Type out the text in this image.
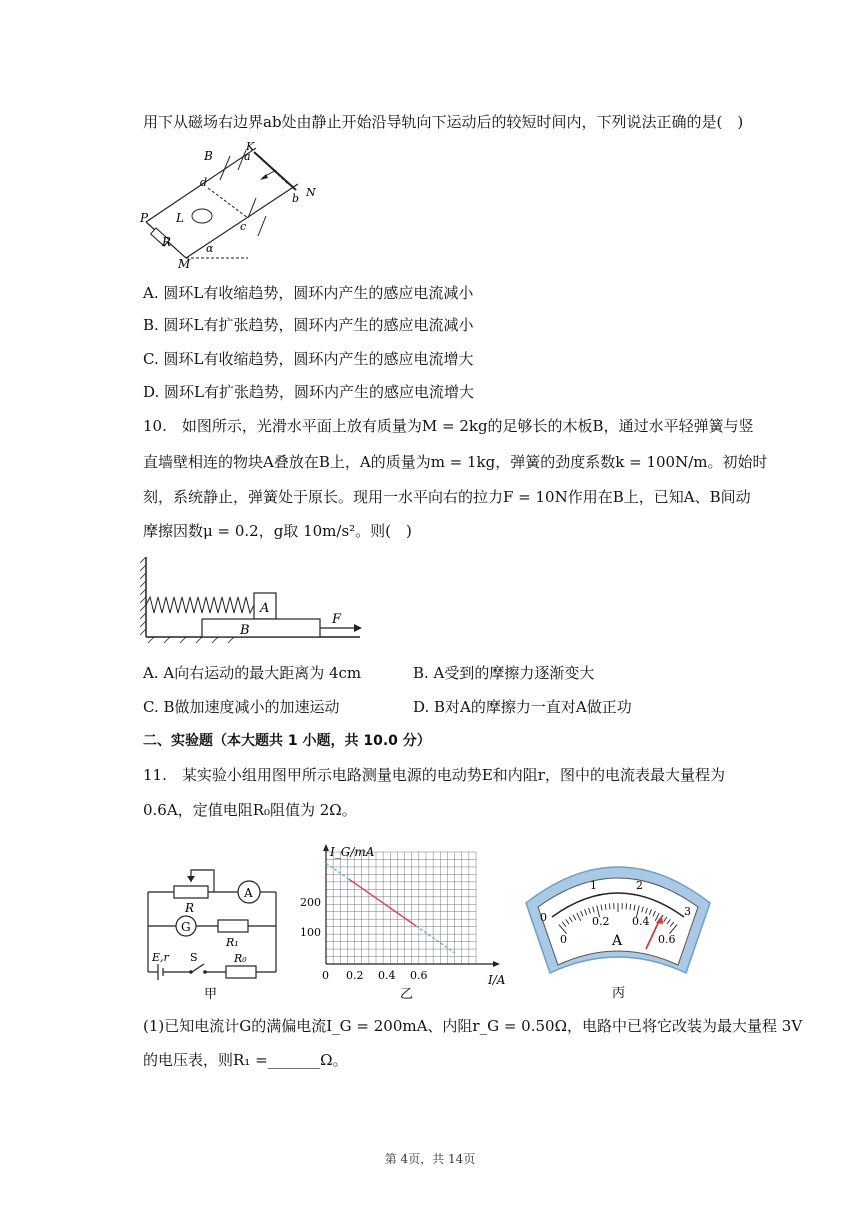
用下从磁场右边界ab处由静止开始沿导轨向下运动后的较短时间内，下列说法正确的是(　)
B
K
a
d
b N
P L
c
R	α
M
A. 圆环L有收缩趋势，圆环内产生的感应电流减小
B. 圆环L有扩张趋势，圆环内产生的感应电流减小
C. 圆环L有收缩趋势，圆环内产生的感应电流增大
D. 圆环L有扩张趋势，圆环内产生的感应电流增大
10.　如图所示，光滑水平面上放有质量为M = 2kg的足够长的木板B，通过水平轻弹簧与竖
直墙壁相连的物块A叠放在B上，A的质量为m = 1kg，弹簧的劲度系数k = 100N/m。初始时
刻，系统静止，弹簧处于原长。现用一水平向右的拉力F = 10N作用在B上，已知A、B间动
摩擦因数μ = 0.2，g取 10m/s²。则(　)
A
B
F
A. A向右运动的最大距离为 4cm	B. A受到的摩擦力逐渐变大
C. B做加速度减小的加速运动	D. B对A的摩擦力一直对A做正功
二、实验题（本大题共 1 小题，共 10.0 分）
11.　某实验小组用图甲所示电路测量电源的电动势E和内阻r，图中的电流表最大量程为
0.6A，定值电阻R₀阻值为 2Ω。
R
A
G
R₁
E,r S	R₀
甲
I_G/mA
I/A
200
100
0 0.2 0.4 0.6
乙
0
1	2
3
0
0.2 0.4
0.6
A
丙
(1)已知电流计G的满偏电流I_G = 200mA、内阻r_G = 0.50Ω，电路中已将它改装为最大量程 3V
的电压表，则R₁ =_______Ω。
第 4页，共 14页
